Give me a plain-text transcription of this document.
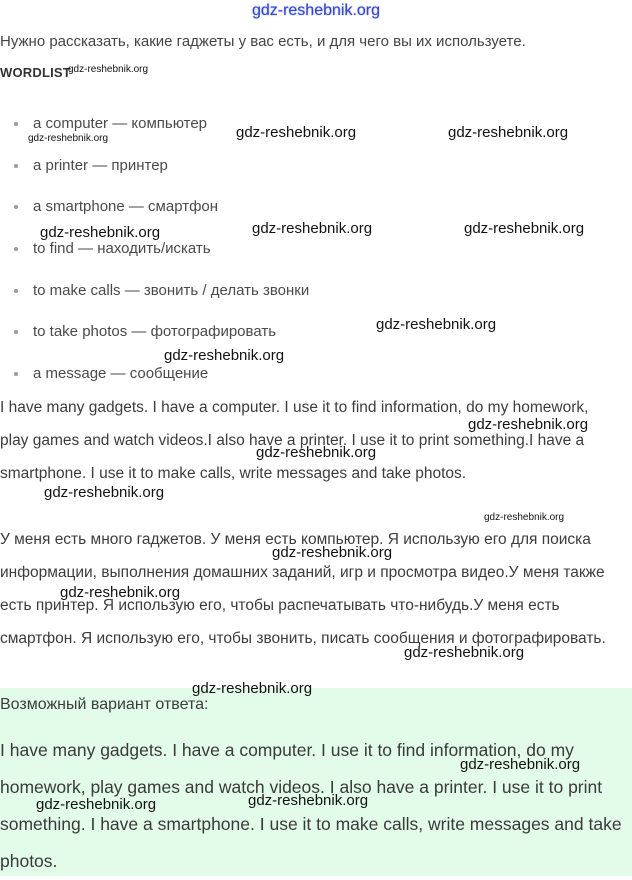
gdz-reshebnik.org
Нужно рассказать, какие гаджеты у вас есть, и для чего вы их используете.
WORDLIST
a computer — компьютер
a printer — принтер
a smartphone — смартфон
to find — находить/искать
to make calls — звонить / делать звонки
to take photos — фотографировать
a message — сообщение

I have many gadgets. I have a computer. I use it to find information, do my homework, play games and watch videos.I also have a printer. I use it to print something.I have a smartphone. I use it to make calls, write messages and take photos.

У меня есть много гаджетов. У меня есть компьютер. Я использую его для поиска информации, выполнения домашних заданий, игр и просмотра видео.У меня также есть принтер. Я использую его, чтобы распечатывать что-нибудь.У меня есть смартфон. Я использую его, чтобы звонить, писать сообщения и фотографировать.

Возможный вариант ответа:

I have many gadgets. I have a computer. I use it to find information, do my homework, play games and watch videos. I also have a printer. I use it to print something. I have a smartphone. I use it to make calls, write messages and take photos.

gdz-reshebnik.org
gdz-reshebnik.org	gdz-reshebnik.org	gdz-reshebnik.org
gdz-reshebnik.org	gdz-reshebnik.org
gdz-reshebnik.org
gdz-reshebnik.org
gdz-reshebnik.org
gdz-reshebnik.org
gdz-reshebnik.org
gdz-reshebnik.org
gdz-reshebnik.org
gdz-reshebnik.org
gdz-reshebnik.org
gdz-reshebnik.org
gdz-reshebnik.org
gdz-reshebnik.org
gdz-reshebnik.org
gdz-reshebnik.org
